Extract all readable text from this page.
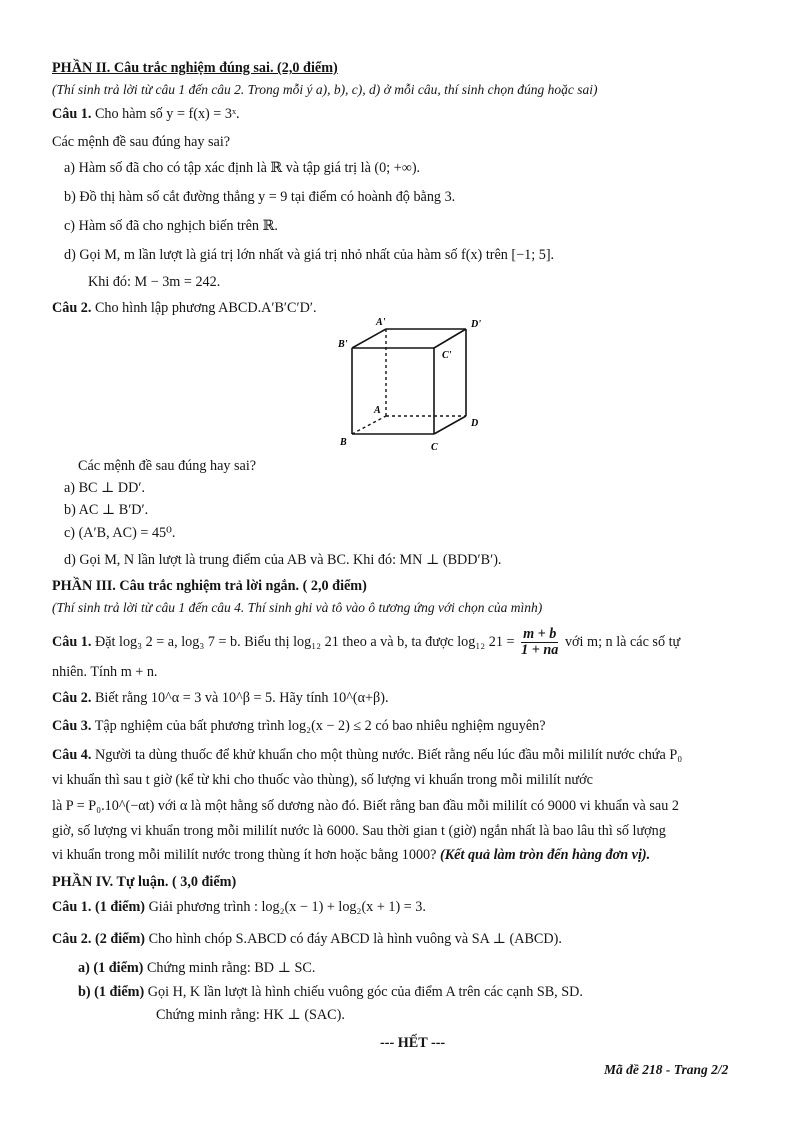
PHẦN II. Câu trắc nghiệm đúng sai. (2,0 điểm)
(Thí sinh trả lời từ câu 1 đến câu 2. Trong mỗi ý a), b), c), d) ở mỗi câu, thí sinh chọn đúng hoặc sai)
Câu 1. Cho hàm số y = f(x) = 3ˣ.
Các mệnh đề sau đúng hay sai?
a) Hàm số đã cho có tập xác định là ℝ và tập giá trị là (0; +∞).
b) Đồ thị hàm số cắt đường thẳng y = 9 tại điểm có hoành độ bằng 3.
c) Hàm số đã cho nghịch biến trên ℝ.
d) Gọi M, m lần lượt là giá trị lớn nhất và giá trị nhỏ nhất của hàm số f(x) trên [−1; 5].
Khi đó: M − 3m = 242.
Câu 2. Cho hình lập phương ABCD.A′B′C′D′.
A'	D'
B'
C'
A
D
B	C
Các mệnh đề sau đúng hay sai?
a) BC ⊥ DD′.
b) AC ⊥ B′D′.
c) (A′B, AC) = 45⁰.
d) Gọi M, N lần lượt là trung điểm của AB và BC. Khi đó: MN ⊥ (BDD′B′).
PHẦN III. Câu trắc nghiệm trả lời ngắn. ( 2,0 điểm)
(Thí sinh trả lời từ câu 1 đến câu 4. Thí sinh ghi và tô vào ô tương ứng với chọn của mình)
Câu 1. Đặt log₃ 2 = a, log₃ 7 = b. Biểu thị log₁₂ 21 theo a và b, ta được log₁₂ $21 = \frac{m + b}{1 + na}$ với m; n là các số tự
nhiên. Tính m + n.
Câu 2. Biết rằng 10^α = 3 và 10^β = 5. Hãy tính 10^(α+β).
Câu 3. Tập nghiệm của bất phương trình log₂(x − 2) ≤ 2 có bao nhiêu nghiệm nguyên?
Câu 4. Người ta dùng thuốc để khử khuẩn cho một thùng nước. Biết rằng nếu lúc đầu mỗi mililít nước chứa P₀
vi khuẩn thì sau t giờ (kể từ khi cho thuốc vào thùng), số lượng vi khuẩn trong mỗi mililít nước
là P = P₀.10^(−αt) với α là một hằng số dương nào đó. Biết rằng ban đầu mỗi mililít có 9000 vi khuẩn và sau 2
giờ, số lượng vi khuẩn trong mỗi mililít nước là 6000. Sau thời gian t (giờ) ngắn nhất là bao lâu thì số lượng
vi khuẩn trong mỗi mililít nước trong thùng ít hơn hoặc bằng 1000? (Kết quả làm tròn đến hàng đơn vị).
PHẦN IV. Tự luận. ( 3,0 điểm)
Câu 1. (1 điểm) Giải phương trình : log₂(x − 1) + log₂(x + 1) = 3.
Câu 2. (2 điểm) Cho hình chóp S.ABCD có đáy ABCD là hình vuông và SA ⊥ (ABCD).
a) (1 điểm) Chứng minh rằng: BD ⊥ SC.
b) (1 điểm) Gọi H, K lần lượt là hình chiếu vuông góc của điểm A trên các cạnh SB, SD.
Chứng minh rằng: HK ⊥ (SAC).
--- HẾT ---
Mã đề 218 - Trang 2/2
